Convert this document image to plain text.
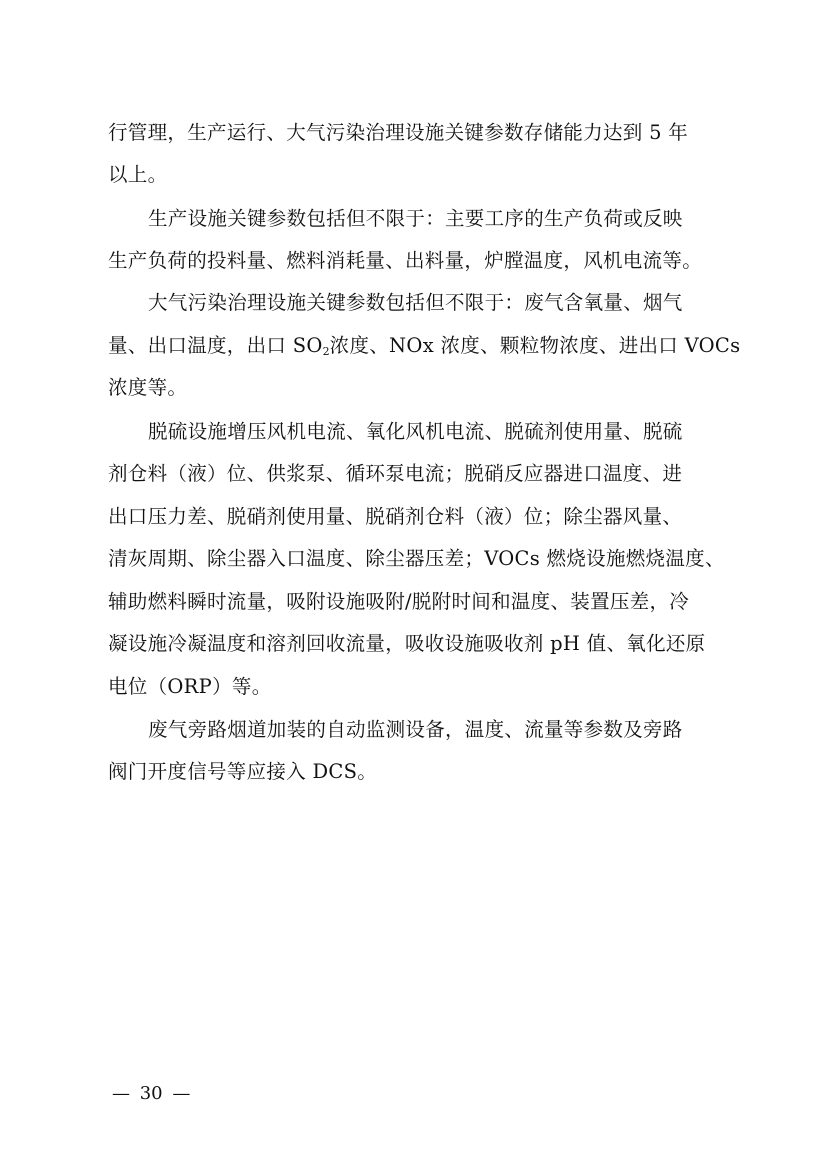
行管理，生产运行、大气污染治理设施关键参数存储能力达到 5 年
以上。
生产设施关键参数包括但不限于：主要工序的生产负荷或反映
生产负荷的投料量、燃料消耗量、出料量，炉膛温度，风机电流等。
大气污染治理设施关键参数包括但不限于：废气含氧量、烟气
量、出口温度，出口 $SO_2$浓度、NOx 浓度、颗粒物浓度、进出口 VOCs
浓度等。
脱硫设施增压风机电流、氧化风机电流、脱硫剂使用量、脱硫
剂仓料（液）位、供浆泵、循环泵电流；脱硝反应器进口温度、进
出口压力差、脱硝剂使用量、脱硝剂仓料（液）位；除尘器风量、
清灰周期、除尘器入口温度、除尘器压差；VOCs 燃烧设施燃烧温度、
辅助燃料瞬时流量，吸附设施吸附/脱附时间和温度、装置压差，冷
凝设施冷凝温度和溶剂回收流量，吸收设施吸收剂 pH 值、氧化还原
电位（ORP）等。
废气旁路烟道加装的自动监测设备，温度、流量等参数及旁路
阀门开度信号等应接入 DCS。
— 30 —
